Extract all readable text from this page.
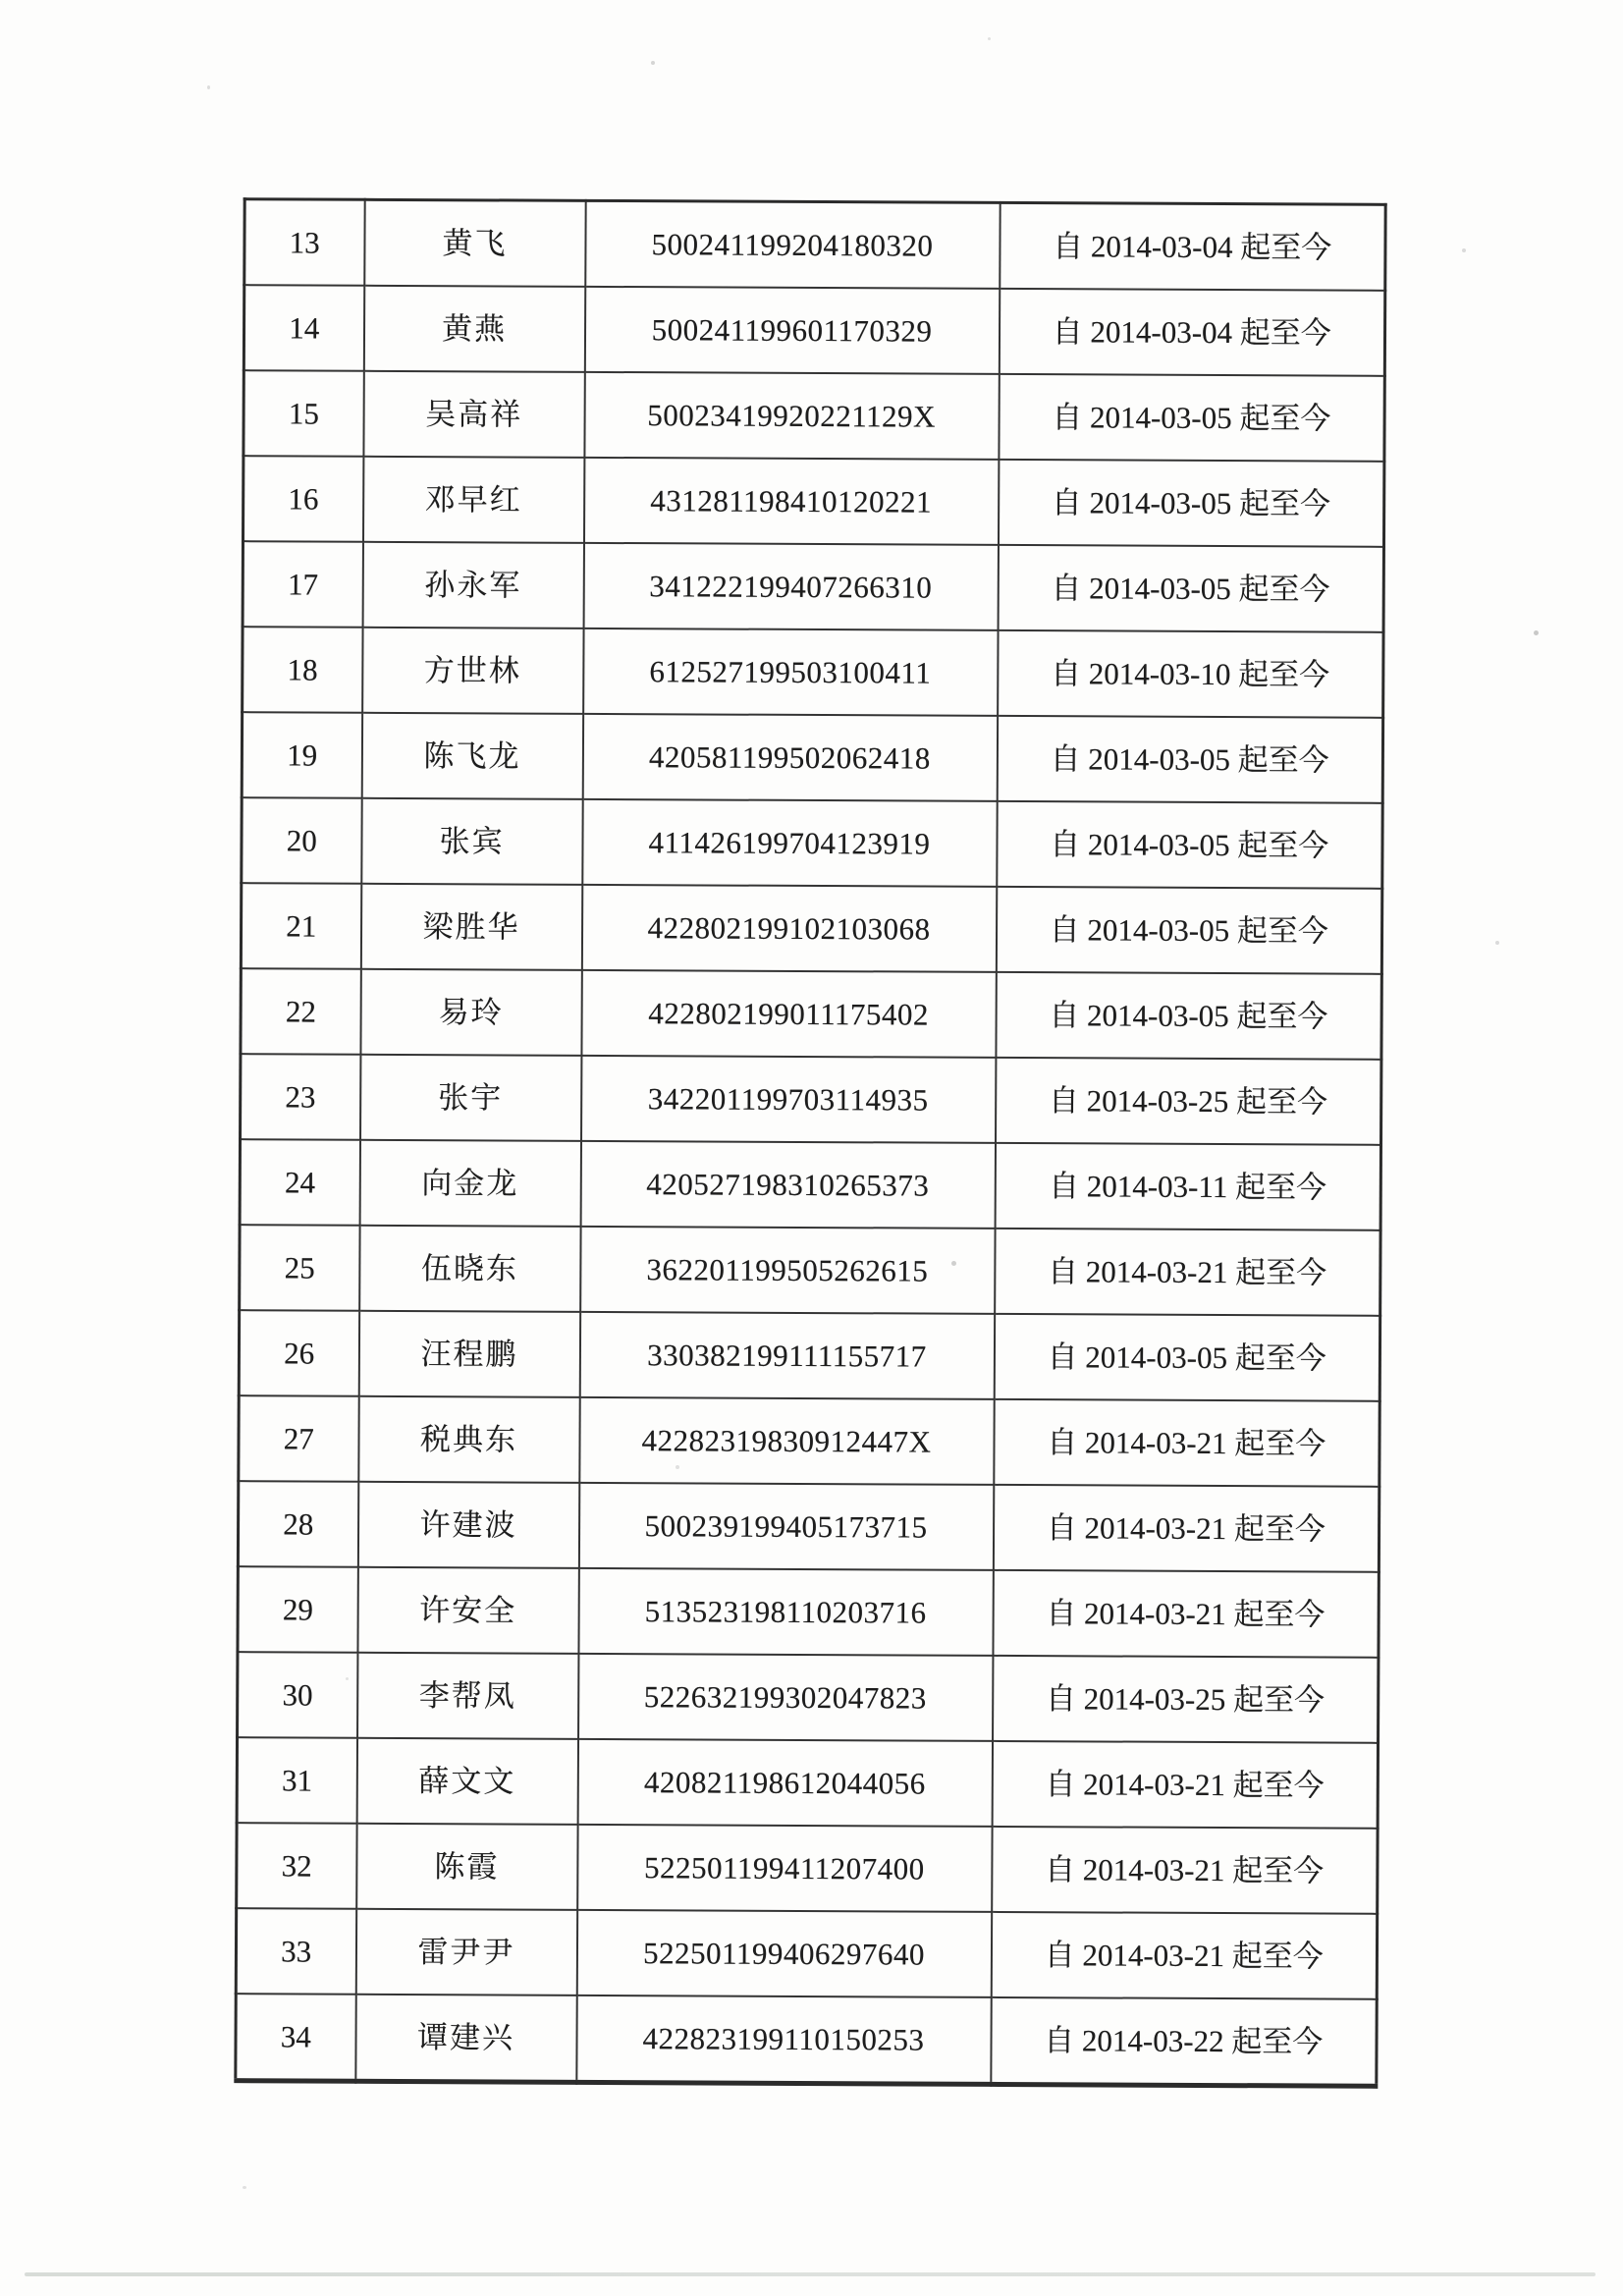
13	黄飞	500241199204180320	自 2014-03-04 起至今
14	黄燕	500241199601170329	自 2014-03-04 起至今
15	吴高祥	50023419920221129X	自 2014-03-05 起至今
16	邓早红	431281198410120221	自 2014-03-05 起至今
17	孙永军	341222199407266310	自 2014-03-05 起至今
18	方世林	612527199503100411	自 2014-03-10 起至今
19	陈飞龙	420581199502062418	自 2014-03-05 起至今
20	张宾	411426199704123919	自 2014-03-05 起至今
21	梁胜华	422802199102103068	自 2014-03-05 起至今
22	易玲	422802199011175402	自 2014-03-05 起至今
23	张宇	342201199703114935	自 2014-03-25 起至今
24	向金龙	420527198310265373	自 2014-03-11 起至今
25	伍晓东	362201199505262615	自 2014-03-21 起至今
26	汪程鹏	330382199111155717	自 2014-03-05 起至今
27	税典东	42282319830912447X	自 2014-03-21 起至今
28	许建波	500239199405173715	自 2014-03-21 起至今
29	许安全	513523198110203716	自 2014-03-21 起至今
30	李帮凤	522632199302047823	自 2014-03-25 起至今
31	薛文文	420821198612044056	自 2014-03-21 起至今
32	陈霞	522501199411207400	自 2014-03-21 起至今
33	雷尹尹	522501199406297640	自 2014-03-21 起至今
34	谭建兴	422823199110150253	自 2014-03-22 起至今
